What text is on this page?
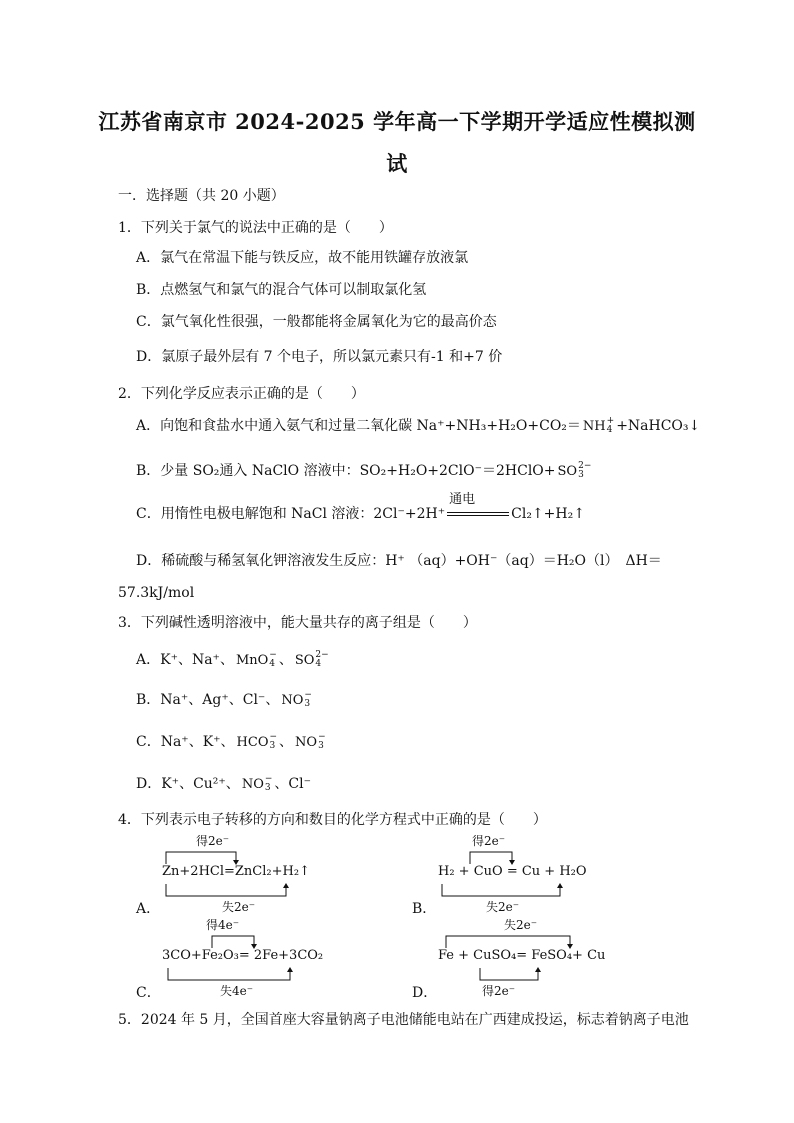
江苏省南京市 2024-2025 学年高一下学期开学适应性模拟测
试
一．选择题（共 20 小题）
1．下列关于氯气的说法中正确的是（　　）
A．氯气在常温下能与铁反应，故不能用铁罐存放液氯
B．点燃氢气和氯气的混合气体可以制取氯化氢
C．氯气氧化性很强，一般都能将金属氧化为它的最高价态
D．氯原子最外层有 7 个电子，所以氯元素只有-1 和+7 价
2．下列化学反应表示正确的是（　　）
A．向饱和食盐水中通入氨气和过量二氧化碳 Na⁺+NH₃+H₂O+CO₂＝ NH +
4 +NaHCO₃↓
B．少量 SO₂通入 NaClO 溶液中：SO₂+H₂O+2ClO⁻＝2HClO+ SO 2−
3
C．用惰性电极电解饱和 NaCl 溶液：2Cl⁻+2H⁺
通电
Cl₂↑+H₂↑
D．稀硫酸与稀氢氧化钾溶液发生反应：H⁺ （aq）+OH⁻（aq）＝H₂O（l）　ΔH＝
57.3kJ/mol
3．下列碱性透明溶液中，能大量共存的离子组是（　　）
A．K⁺、Na⁺、 MnO −
4 、 SO 2−
4
B．Na⁺、Ag⁺、Cl⁻、 NO −
3
C．Na⁺、K⁺、 HCO −
3 、 NO −
3
D．K⁺、Cu²⁺、 NO −
3 、Cl⁻
4．下列表示电子转移的方向和数目的化学方程式中正确的是（　　）
A．
得2e⁻
Zn+2HCl=ZnCl₂+H₂↑
失2e⁻	B．
得2e⁻
H₂ + CuO = Cu + H₂O
失2e⁻
C．
得4e⁻
3CO+Fe₂O₃= 2Fe+3CO₂
失4e⁻	D．
失2e⁻
Fe + CuSO₄= FeSO₄+ Cu
得2e⁻
5．2024 年 5 月，全国首座大容量钠离子电池储能电站在广西建成投运，标志着钠离子电池
